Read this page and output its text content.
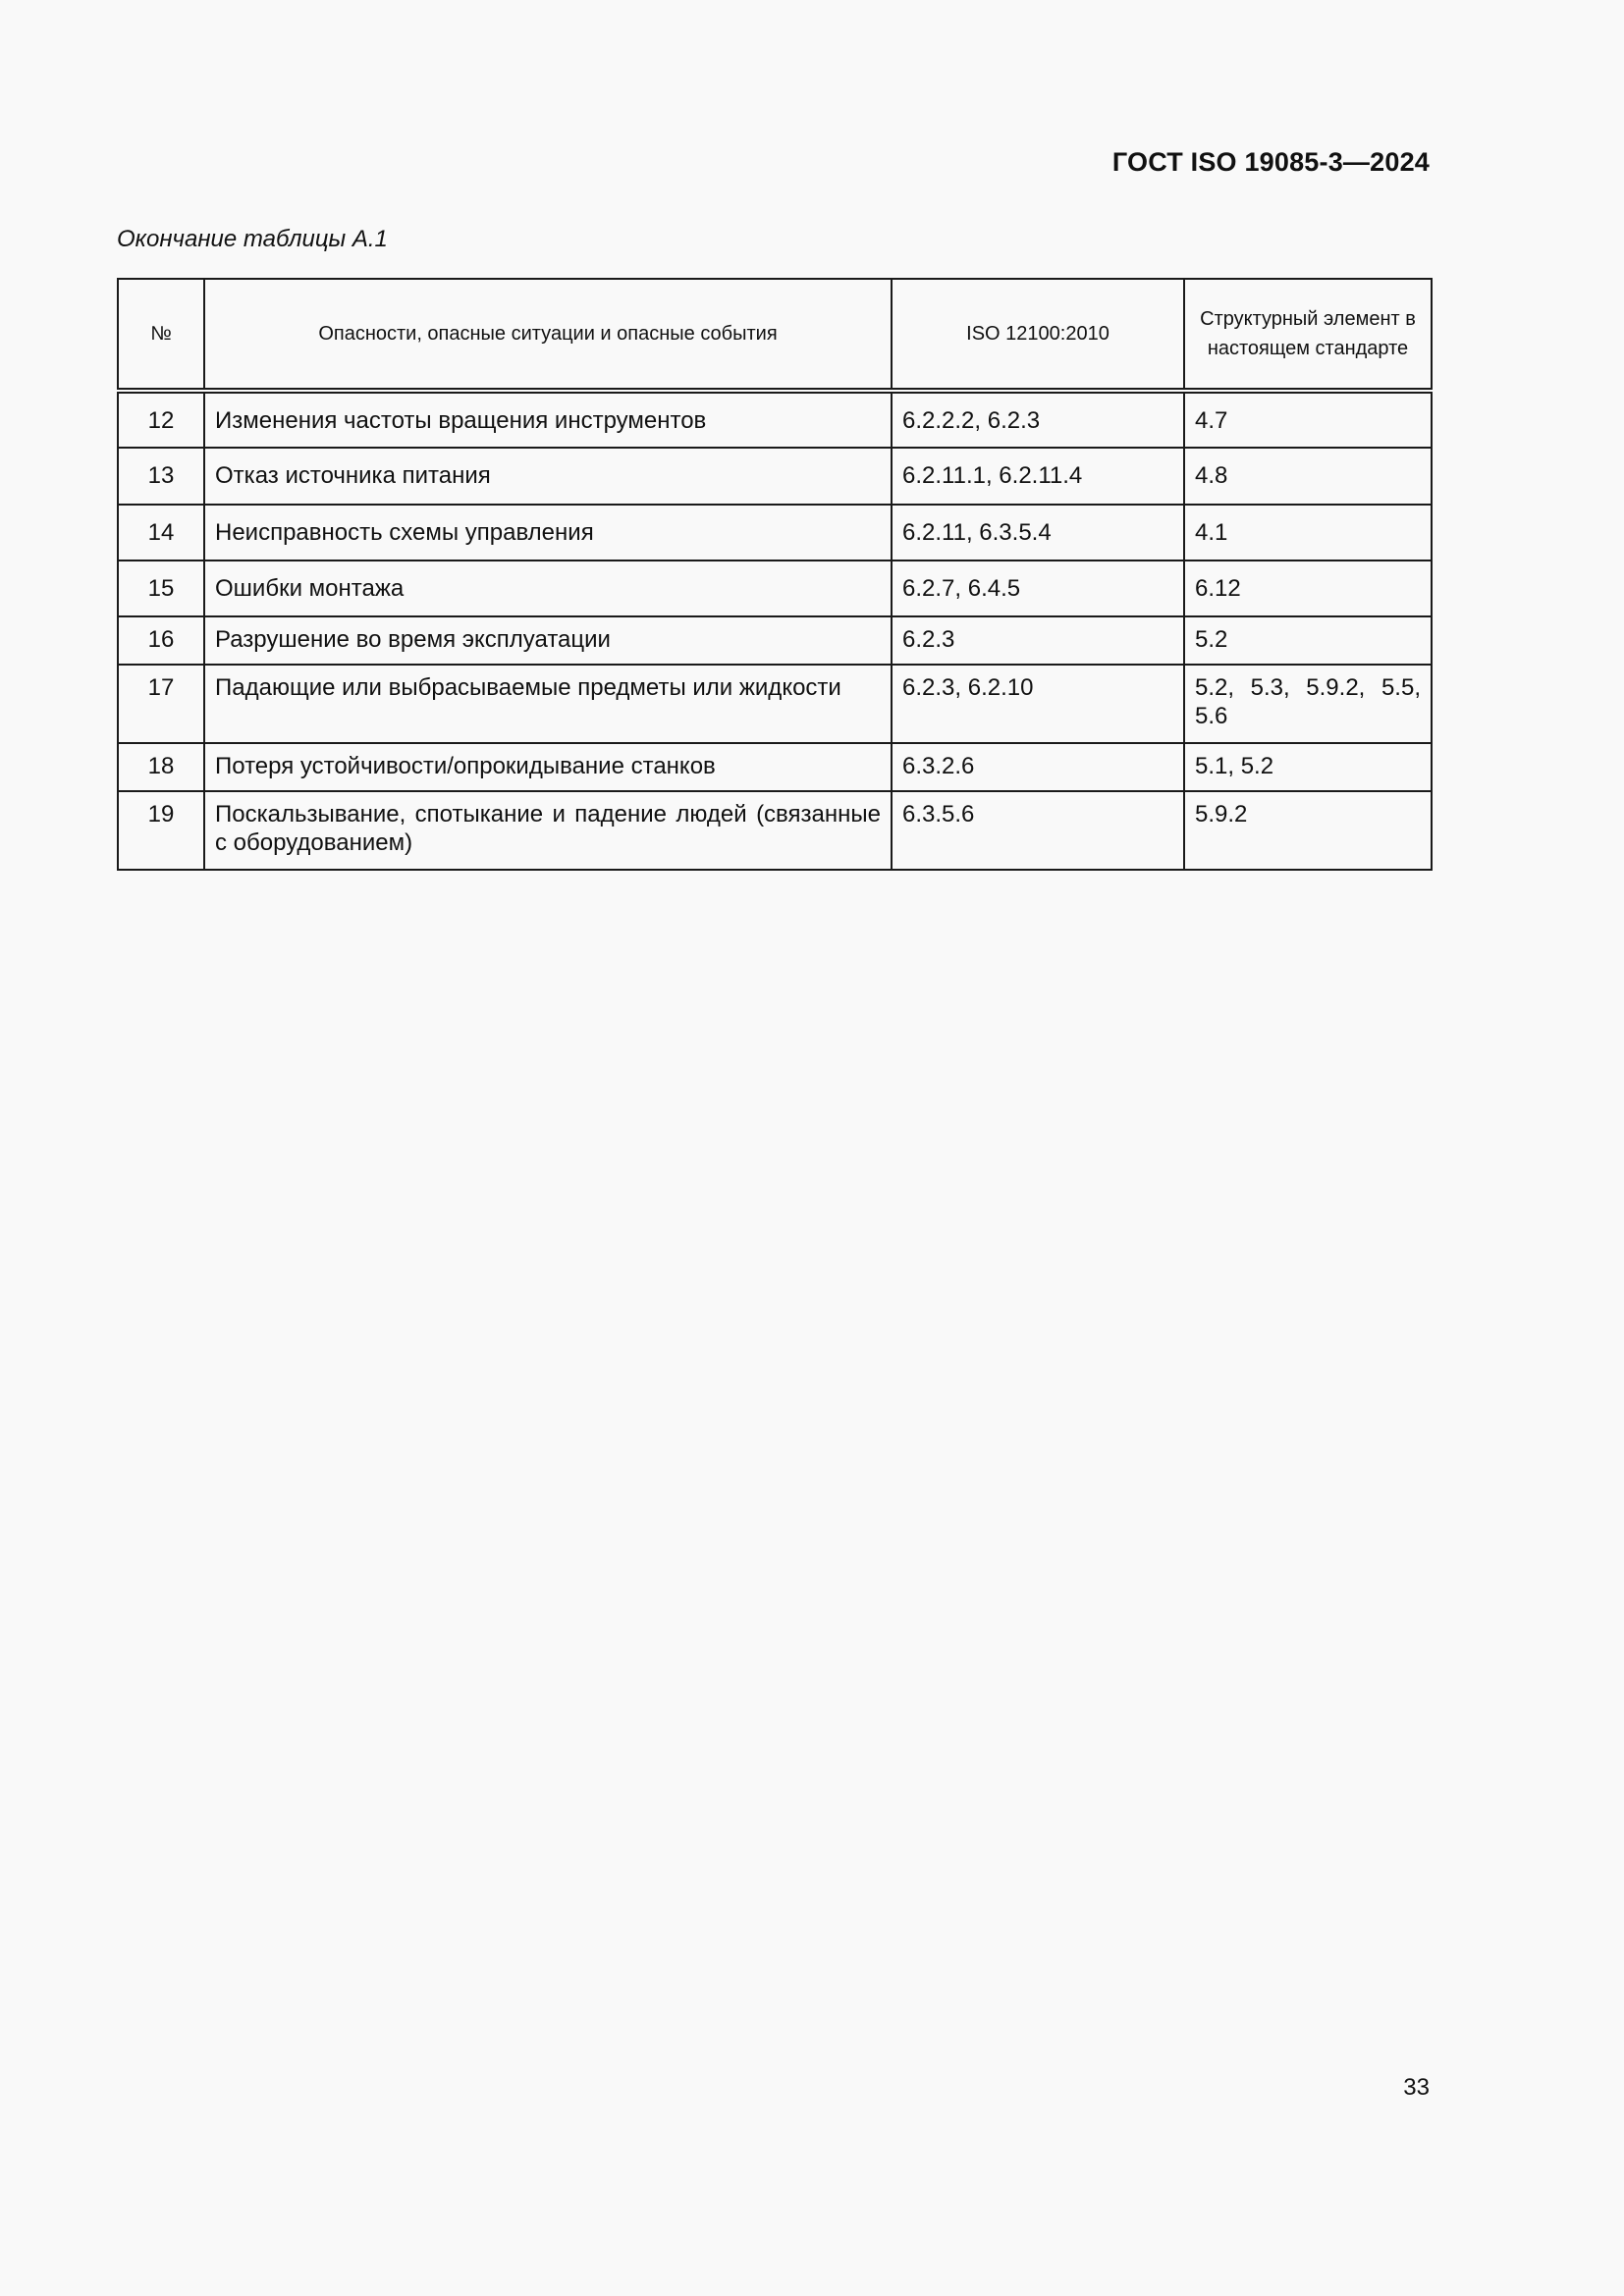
ГОСТ ISO 19085-3—2024
Окончание таблицы А.1
№	Опасности, опасные ситуации и опасные события	ISO 12100:2010	Структурный элемент в настоящем стандарте
12	Изменения частоты вращения инструментов	6.2.2.2, 6.2.3	4.7
13	Отказ источника питания	6.2.11.1, 6.2.11.4	4.8
14	Неисправность схемы управления	6.2.11, 6.3.5.4	4.1
15	Ошибки монтажа	6.2.7, 6.4.5	6.12
16	Разрушение во время эксплуатации	6.2.3	5.2
17	Падающие или выбрасываемые предметы или жидкости	6.2.3, 6.2.10	5.2, 5.3, 5.9.2, 5.5, 5.6
18	Потеря устойчивости/опрокидывание станков	6.3.2.6	5.1, 5.2
19	Поскальзывание, спотыкание и падение людей (связанные с оборудованием)	6.3.5.6	5.9.2
33
